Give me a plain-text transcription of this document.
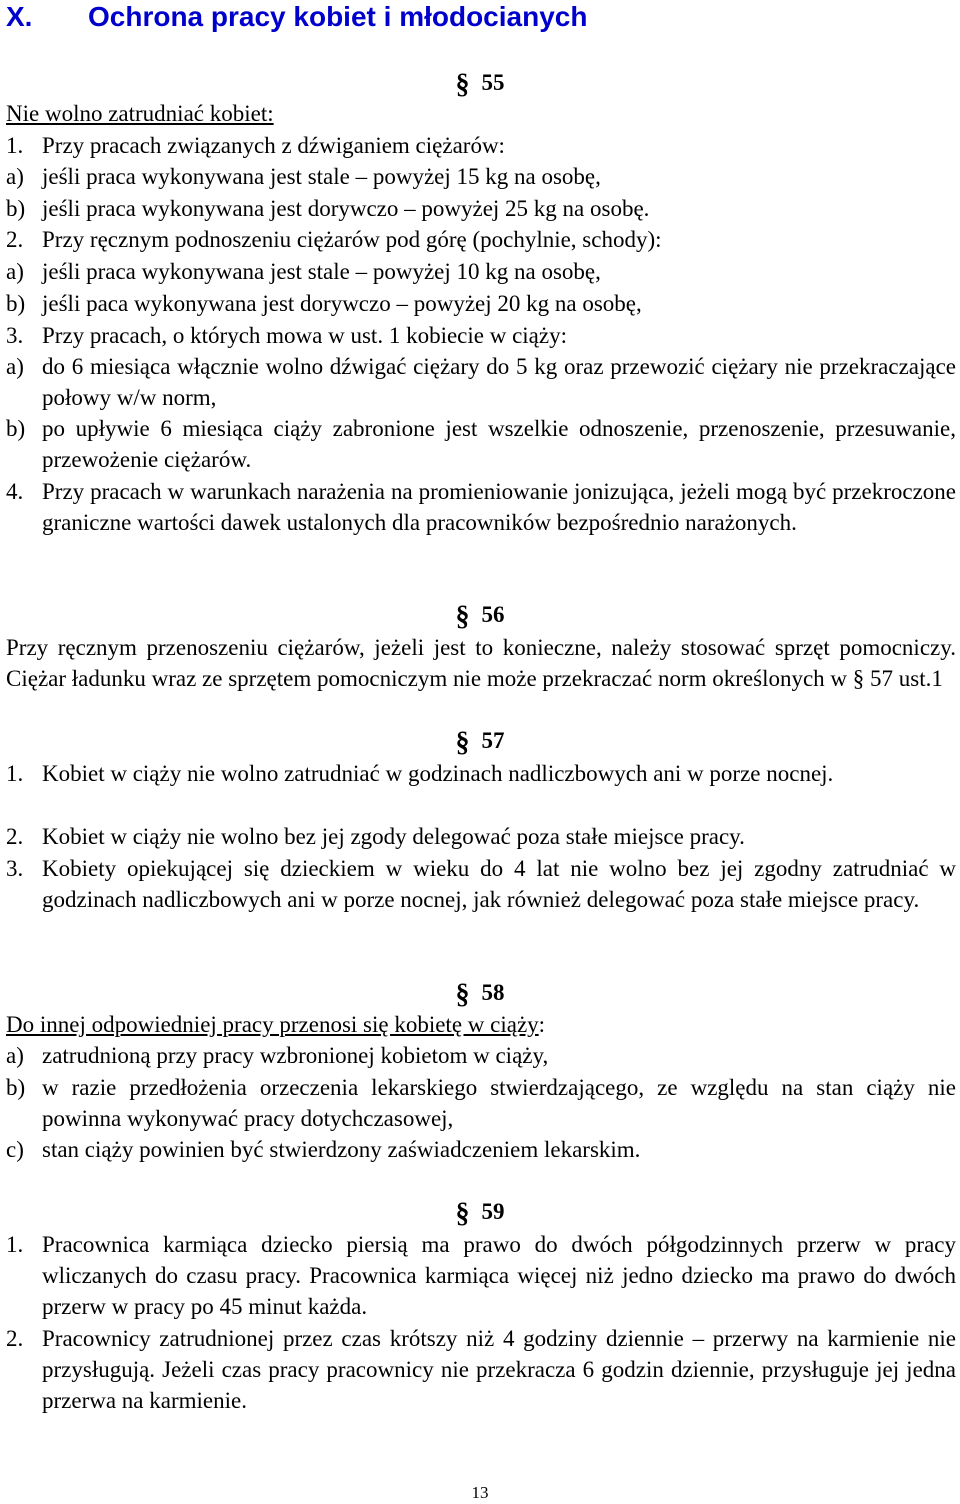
X. Ochrona pracy kobiet i młodocianych
§ 55
Nie wolno zatrudniać kobiet:
1. Przy pracach związanych z dźwiganiem ciężarów:
a) jeśli praca wykonywana jest stale – powyżej 15 kg na osobę,
b) jeśli praca wykonywana jest dorywczo – powyżej 25 kg na osobę.
2. Przy ręcznym podnoszeniu ciężarów pod górę (pochylnie, schody):
a) jeśli praca wykonywana jest stale – powyżej 10 kg na osobę,
b) jeśli paca wykonywana jest dorywczo – powyżej 20 kg na osobę,
3. Przy pracach, o których mowa w ust. 1 kobiecie w ciąży:
a) do 6 miesiąca włącznie wolno dźwigać ciężary do 5 kg oraz przewozić ciężary nie przekraczające połowy w/w norm,
b) po upływie 6 miesiąca ciąży zabronione jest wszelkie odnoszenie, przenoszenie, przesuwanie, przewożenie ciężarów.
4. Przy pracach w warunkach narażenia na promieniowanie jonizująca, jeżeli mogą być przekroczone graniczne wartości dawek ustalonych dla pracowników bezpośrednio narażonych.
§ 56
Przy ręcznym przenoszeniu ciężarów, jeżeli jest to konieczne, należy stosować sprzęt pomocniczy. Ciężar ładunku wraz ze sprzętem pomocniczym nie może przekraczać norm określonych w § 57 ust.1
§ 57
1. Kobiet w ciąży nie wolno zatrudniać w godzinach nadliczbowych ani w porze nocnej.
2. Kobiet w ciąży nie wolno bez jej zgody delegować poza stałe miejsce pracy.
3. Kobiety opiekującej się dzieckiem w wieku do 4 lat nie wolno bez jej zgodny zatrudniać w godzinach nadliczbowych ani w porze nocnej, jak również delegować poza stałe miejsce pracy.
§ 58
Do innej odpowiedniej pracy przenosi się kobietę w ciąży:
a) zatrudnioną przy pracy wzbronionej kobietom w ciąży,
b) w razie przedłożenia orzeczenia lekarskiego stwierdzającego, ze względu na stan ciąży nie powinna wykonywać pracy dotychczasowej,
c) stan ciąży powinien być stwierdzony zaświadczeniem lekarskim.
§ 59
1. Pracownica karmiąca dziecko piersią ma prawo do dwóch półgodzinnych przerw w pracy wliczanych do czasu pracy. Pracownica karmiąca więcej niż jedno dziecko ma prawo do dwóch przerw w pracy po 45 minut każda.
2. Pracownicy zatrudnionej przez czas krótszy niż 4 godziny dziennie – przerwy na karmienie nie przysługują. Jeżeli czas pracy pracownicy nie przekracza 6 godzin dziennie, przysługuje jej jedna przerwa na karmienie.
13
